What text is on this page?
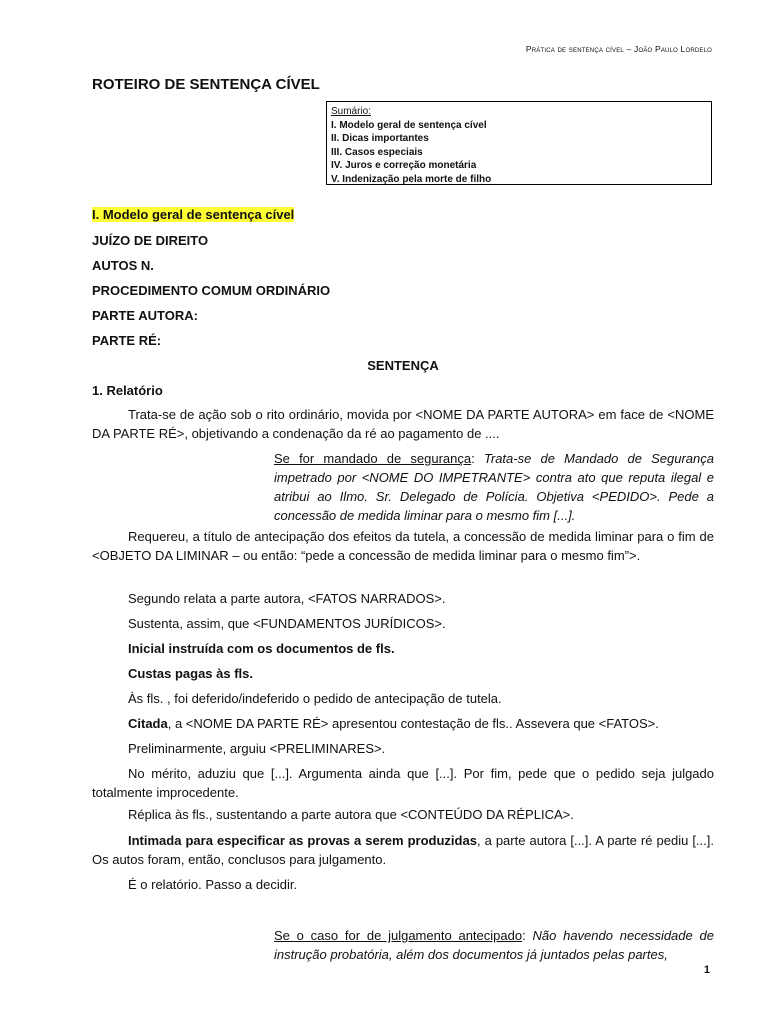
Prática de sentença cível – João Paulo Lordelo
ROTEIRO DE SENTENÇA CÍVEL
Sumário:
I. Modelo geral de sentença cível
II. Dicas importantes
III. Casos especiais
IV. Juros e correção monetária
V. Indenização pela morte de filho
I. Modelo geral de sentença cível
JUÍZO DE DIREITO
AUTOS N.
PROCEDIMENTO COMUM ORDINÁRIO
PARTE AUTORA:
PARTE RÉ:
SENTENÇA
1. Relatório
Trata-se de ação sob o rito ordinário, movida por <NOME DA PARTE AUTORA> em face de <NOME DA PARTE RÉ>, objetivando a condenação da ré ao pagamento de ....
Se for mandado de segurança: Trata-se de Mandado de Segurança impetrado por <NOME DO IMPETRANTE> contra ato que reputa ilegal e atribui ao Ilmo. Sr. Delegado de Polícia. Objetiva <PEDIDO>. Pede a concessão de medida liminar para o mesmo fim [...].
Requereu, a título de antecipação dos efeitos da tutela, a concessão de medida liminar para o fim de <OBJETO DA LIMINAR – ou então: “pede a concessão de medida liminar para o mesmo fim”>.
Segundo relata a parte autora, <FATOS NARRADOS>.
Sustenta, assim, que <FUNDAMENTOS JURÍDICOS>.
Inicial instruída com os documentos de fls.
Custas pagas às fls.
Às fls. , foi deferido/indeferido o pedido de antecipação de tutela.
Citada, a <NOME DA PARTE RÉ> apresentou contestação de fls.. Assevera que <FATOS>.
Preliminarmente, arguiu <PRELIMINARES>.
No mérito, aduziu que [...]. Argumenta ainda que [...]. Por fim, pede que o pedido seja julgado totalmente improcedente.
Réplica às fls., sustentando a parte autora que <CONTEÚDO DA RÉPLICA>.
Intimada para especificar as provas a serem produzidas, a parte autora [...]. A parte ré pediu [...]. Os autos foram, então, conclusos para julgamento.
É o relatório. Passo a decidir.
Se o caso for de julgamento antecipado: Não havendo necessidade de instrução probatória, além dos documentos já juntados pelas partes,
1
